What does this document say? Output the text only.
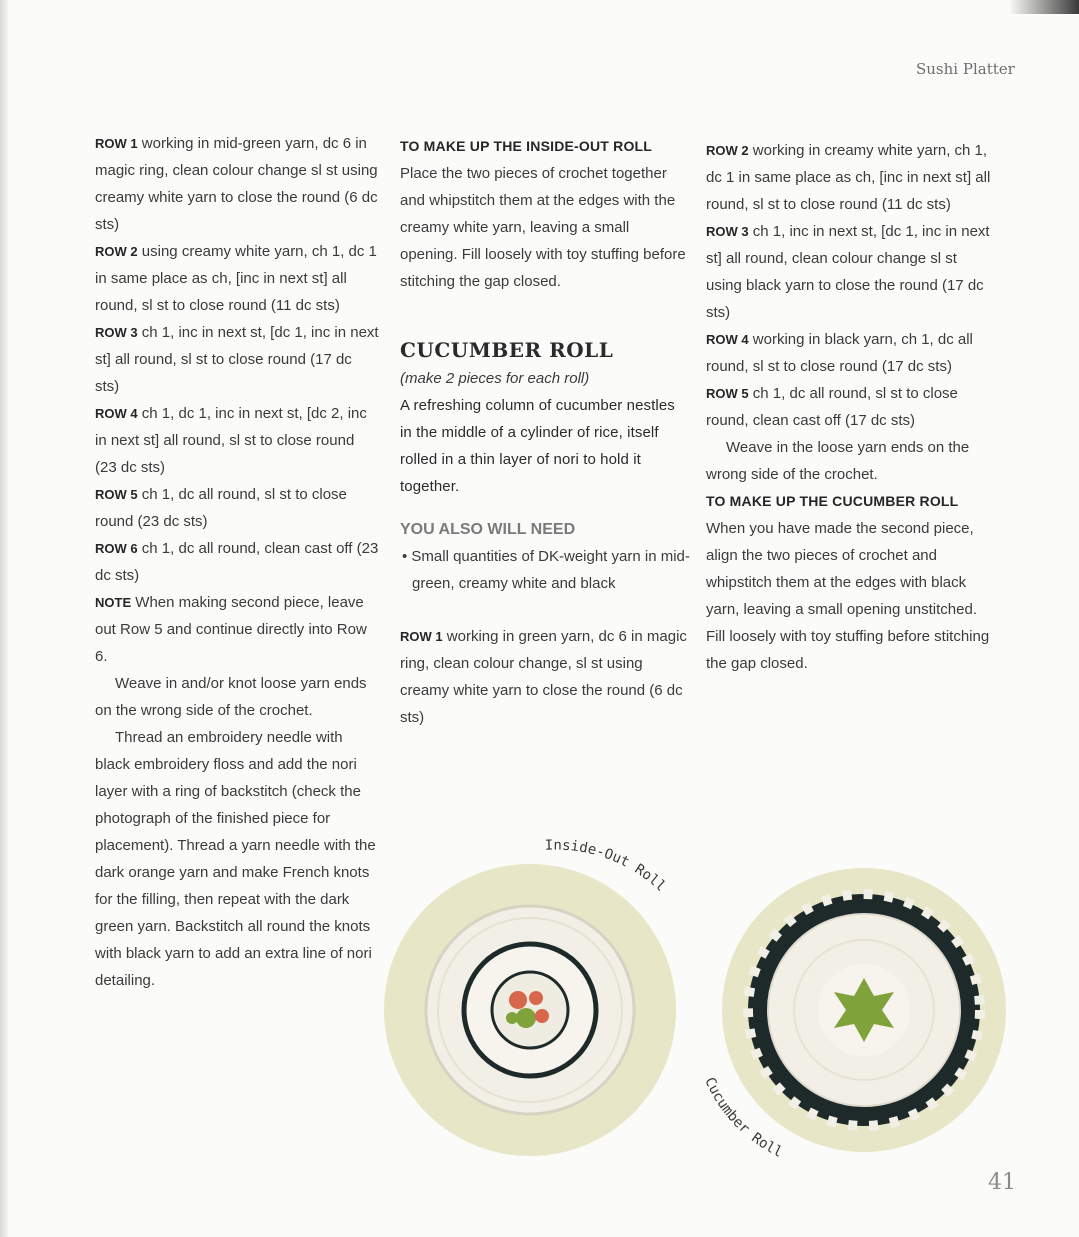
Sushi Platter

ROW 1 working in mid-green yarn, dc 6 in magic ring, clean colour change sl st using creamy white yarn to close the round (6 dc sts)

ROW 2 using creamy white yarn, ch 1, dc 1 in same place as ch, [inc in next st] all round, sl st to close round (11 dc sts)

ROW 3 ch 1, inc in next st, [dc 1, inc in next st] all round, sl st to close round (17 dc sts)

ROW 4 ch 1, dc 1, inc in next st, [dc 2, inc in next st] all round, sl st to close round (23 dc sts)

ROW 5 ch 1, dc all round, sl st to close round (23 dc sts)

ROW 6 ch 1, dc all round, clean cast off (23 dc sts)

NOTE When making second piece, leave out Row 5 and continue directly into Row 6.

Weave in and/or knot loose yarn ends on the wrong side of the crochet.

Thread an embroidery needle with black embroidery floss and add the nori layer with a ring of backstitch (check the photograph of the finished piece for placement). Thread a yarn needle with the dark orange yarn and make French knots for the filling, then repeat with the dark green yarn. Backstitch all round the knots with black yarn to add an extra line of nori detailing.

TO MAKE UP THE INSIDE-OUT ROLL

Place the two pieces of crochet together and whipstitch them at the edges with the creamy white yarn, leaving a small opening. Fill loosely with toy stuffing before stitching the gap closed.

CUCUMBER ROLL

(make 2 pieces for each roll)

A refreshing column of cucumber nestles in the middle of a cylinder of rice, itself rolled in a thin layer of nori to hold it together.

YOU ALSO WILL NEED

• Small quantities of DK-weight yarn in mid-green, creamy white and black

ROW 1 working in green yarn, dc 6 in magic ring, clean colour change, sl st using creamy white yarn to close the round (6 dc sts)

ROW 2 working in creamy white yarn, ch 1, dc 1 in same place as ch, [inc in next st] all round, sl st to close round (11 dc sts)

ROW 3 ch 1, inc in next st, [dc 1, inc in next st] all round, clean colour change sl st using black yarn to close the round (17 dc sts)

ROW 4 working in black yarn, ch 1, dc all round, sl st to close round (17 dc sts)

ROW 5 ch 1, dc all round, sl st to close round, clean cast off (17 dc sts)

Weave in the loose yarn ends on the wrong side of the crochet.

TO MAKE UP THE CUCUMBER ROLL

When you have made the second piece, align the two pieces of crochet and whipstitch them at the edges with black yarn, leaving a small opening unstitched. Fill loosely with toy stuffing before stitching the gap closed.

Inside-Out Roll
Cucumber Roll
41
